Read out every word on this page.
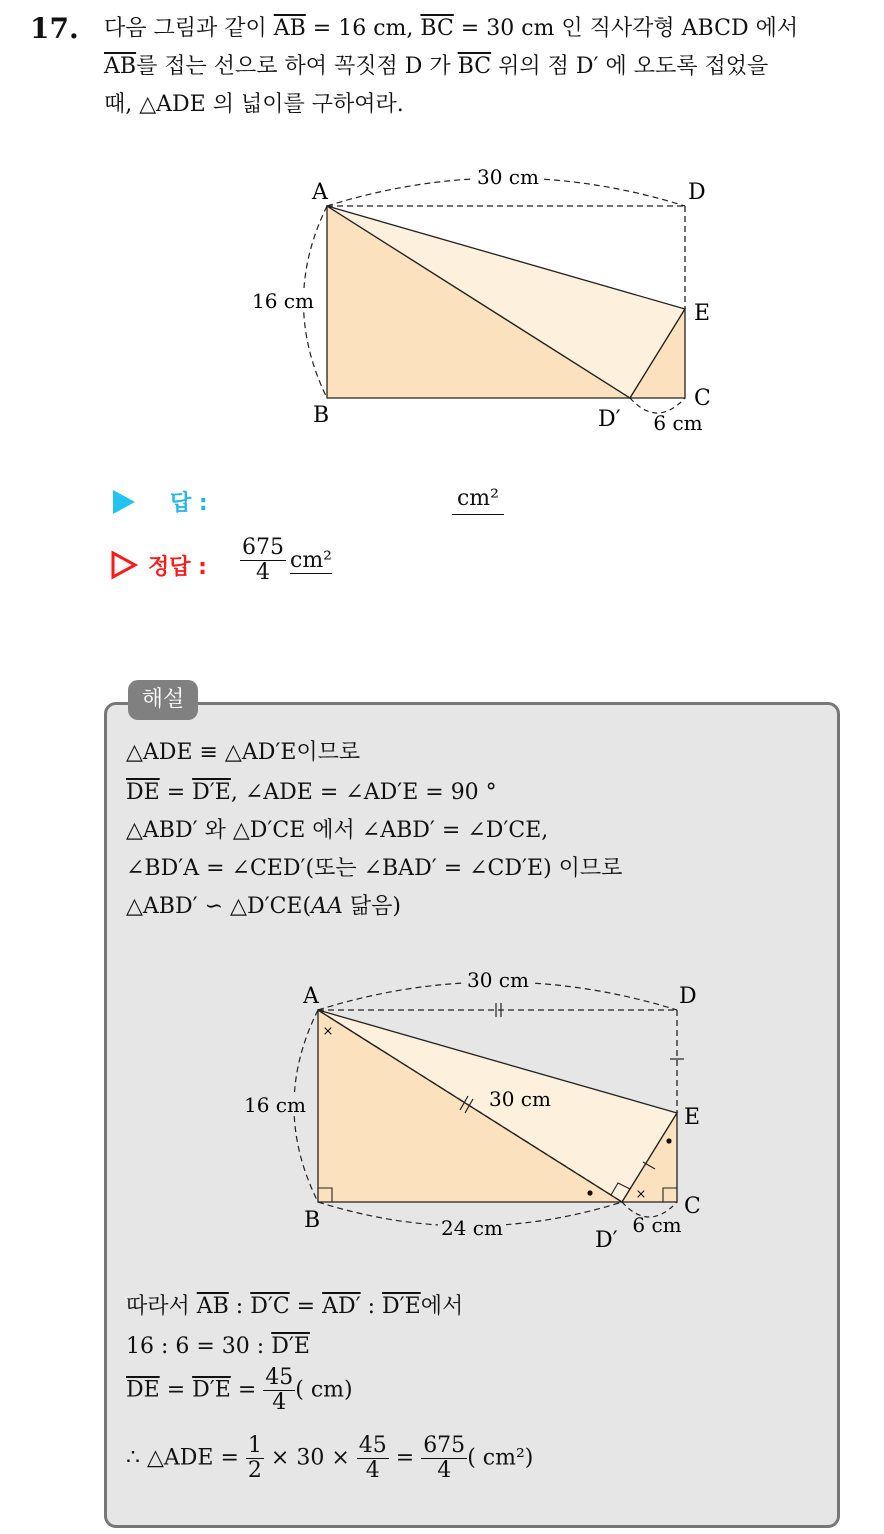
17. 다음 그림과 같이 $\overline{AB} = 16$ cm, $\overline{BC} = 30$ cm 인 직사각형 ABCD 에서
$\overline{AB}$를 접는 선으로 하여 꼭짓점 D 가 $\overline{BC}$ 위의 점 D′ 에 오도록 접었을
때, △ADE 의 넓이를 구하여라.
30 cm
16 cm
6 cm
A
B
C
D
E
D′
답 :	cm²
정답 : $\frac{675}{4} cm^2$
해설
△ADE ≡ △AD′E이므로
$\overline{DE} = D'E$, ∠ADE = ∠AD′E = 90 °
△ABD′ 와 △D′CE 에서 ∠ABD′ = ∠D′CE,
∠BD′A = ∠CED′(또는 ∠BAD′ = ∠CD′E) 이므로
△ABD′ ∽ △D′CE(AA 닮음)
×
×
30 cm
16 cm	30 cm
24 cm	6 cm
A
B
C
D
E
D′
따라서 $\overline{AB}$ : D′C = AD′ : D′E에서
16 : 6 = 30 : D′E
$\overline{DE} = D'E = \frac{45}{4}$ ( cm)
∴ △ADE = $\frac{1}{2} \times 30 \times \frac{45}{4} = \frac{675}{4}$ ( cm²)
